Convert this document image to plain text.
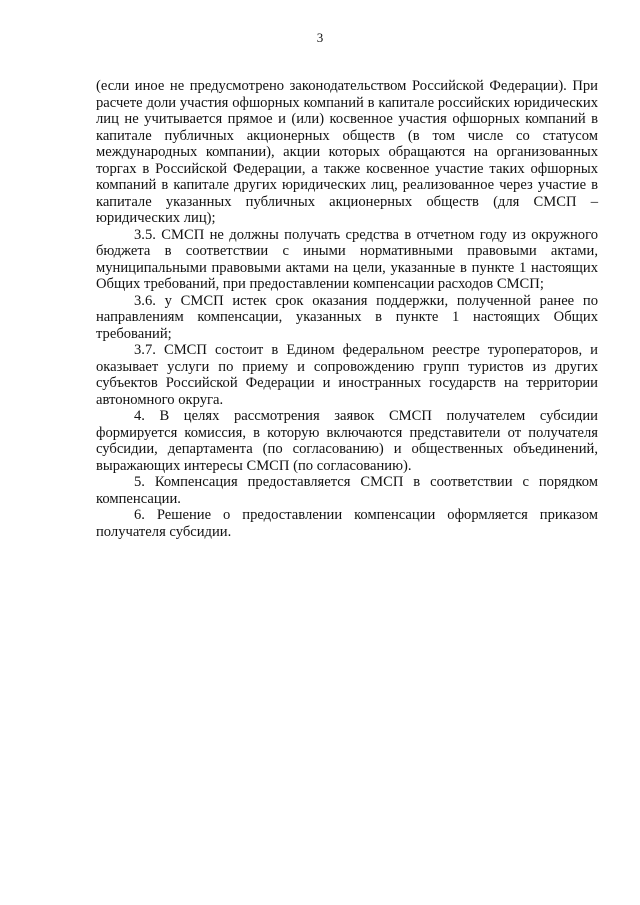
3

(если иное не предусмотрено законодательством Российской Федерации). При расчете доли участия офшорных компаний в капитале российских юридических лиц не учитывается прямое и (или) косвенное участия офшорных компаний в капитале публичных акционерных обществ (в том числе со статусом международных компании), акции которых обращаются на организованных торгах в Российской Федерации, а также косвенное участие таких офшорных компаний в капитале других юридических лиц, реализованное через участие в капитале указанных публичных акционерных обществ (для СМСП – юридических лиц);

3.5. СМСП не должны получать средства в отчетном году из окружного бюджета в соответствии с иными нормативными правовыми актами, муниципальными правовыми актами на цели, указанные в пункте 1 настоящих Общих требований, при предоставлении компенсации расходов СМСП;

3.6. у СМСП истек срок оказания поддержки, полученной ранее по направлениям компенсации, указанных в пункте 1 настоящих Общих требований;

3.7. СМСП состоит в Едином федеральном реестре туроператоров, и оказывает услуги по приему и сопровождению групп туристов из других субъектов Российской Федерации и иностранных государств на территории автономного округа.

4. В целях рассмотрения заявок СМСП получателем субсидии формируется комиссия, в которую включаются представители от получателя субсидии, департамента (по согласованию) и общественных объединений, выражающих интересы СМСП (по согласованию).

5. Компенсация предоставляется СМСП в соответствии с порядком компенсации.

6. Решение о предоставлении компенсации оформляется приказом получателя субсидии.
